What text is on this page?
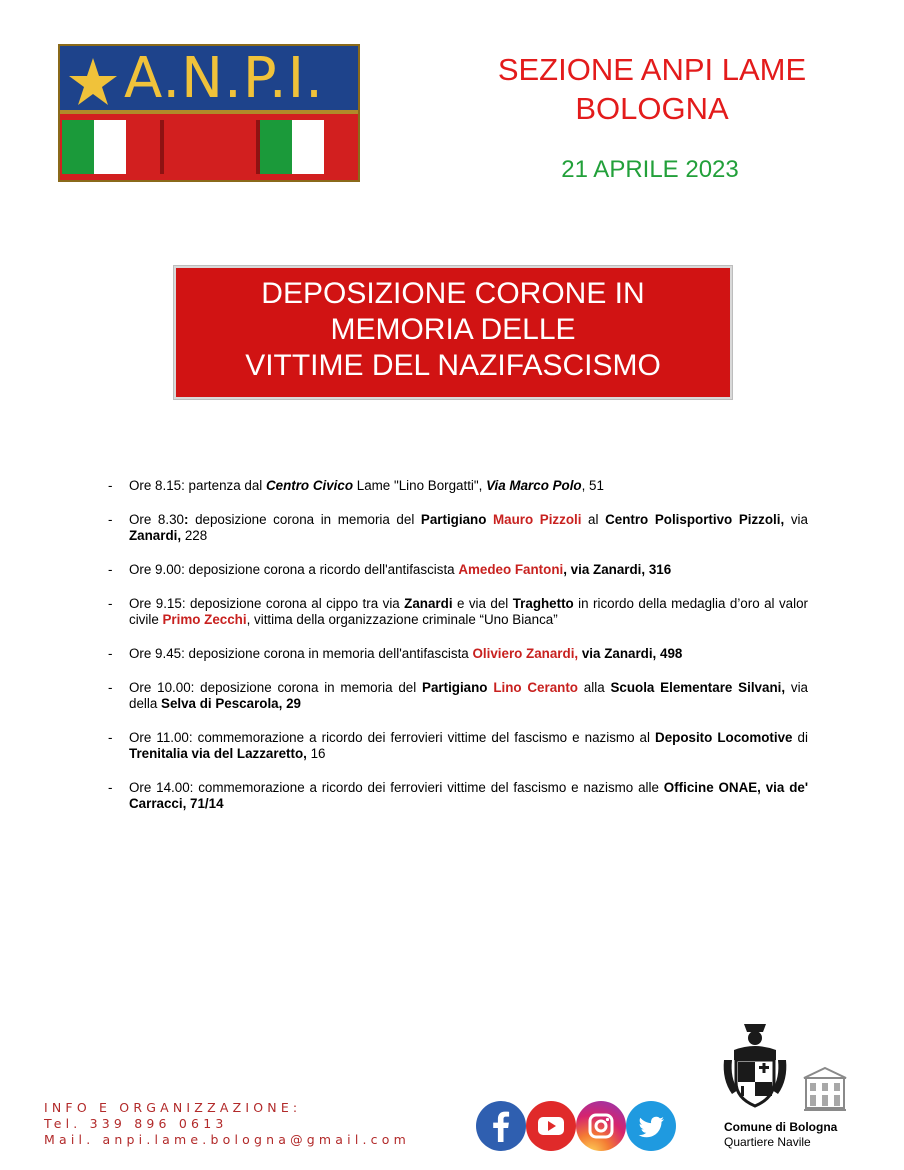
A.N.P.I.	SEZIONE ANPI LAME
BOLOGNA
21 APRILE 2023
DEPOSIZIONE CORONE IN
MEMORIA DELLE
VITTIME DEL NAZIFASCISMO
- Ore 8.15: partenza dal Centro Civico Lame "Lino Borgatti", Via Marco Polo, 51
- Ore 8.30: deposizione corona in memoria del Partigiano Mauro Pizzoli al Centro Polisportivo Pizzoli, via Zanardi, 228
- Ore 9.00: deposizione corona a ricordo dell'antifascista Amedeo Fantoni, via Zanardi, 316
- Ore 9.15: deposizione corona al cippo tra via Zanardi e via del Traghetto in ricordo della medaglia d’oro al valor civile Primo Zecchi, vittima della organizzazione criminale “Uno Bianca”
- Ore 9.45: deposizione corona in memoria dell'antifascista Oliviero Zanardi, via Zanardi, 498
- Ore 10.00: deposizione corona in memoria del Partigiano Lino Ceranto alla Scuola Elementare Silvani, via della Selva di Pescarola, 29
- Ore 11.00: commemorazione a ricordo dei ferrovieri vittime del fascismo e nazismo al Deposito Locomotive di Trenitalia via del Lazzaretto, 16
- Ore 14.00: commemorazione a ricordo dei ferrovieri vittime del fascismo e nazismo alle Officine ONAE, via de' Carracci, 71/14
INFO E ORGANIZZAZIONE:
Tel. 339 896 0613
Mail. anpi.lame.bologna@gmail.com
Comune di Bologna
Quartiere Navile
